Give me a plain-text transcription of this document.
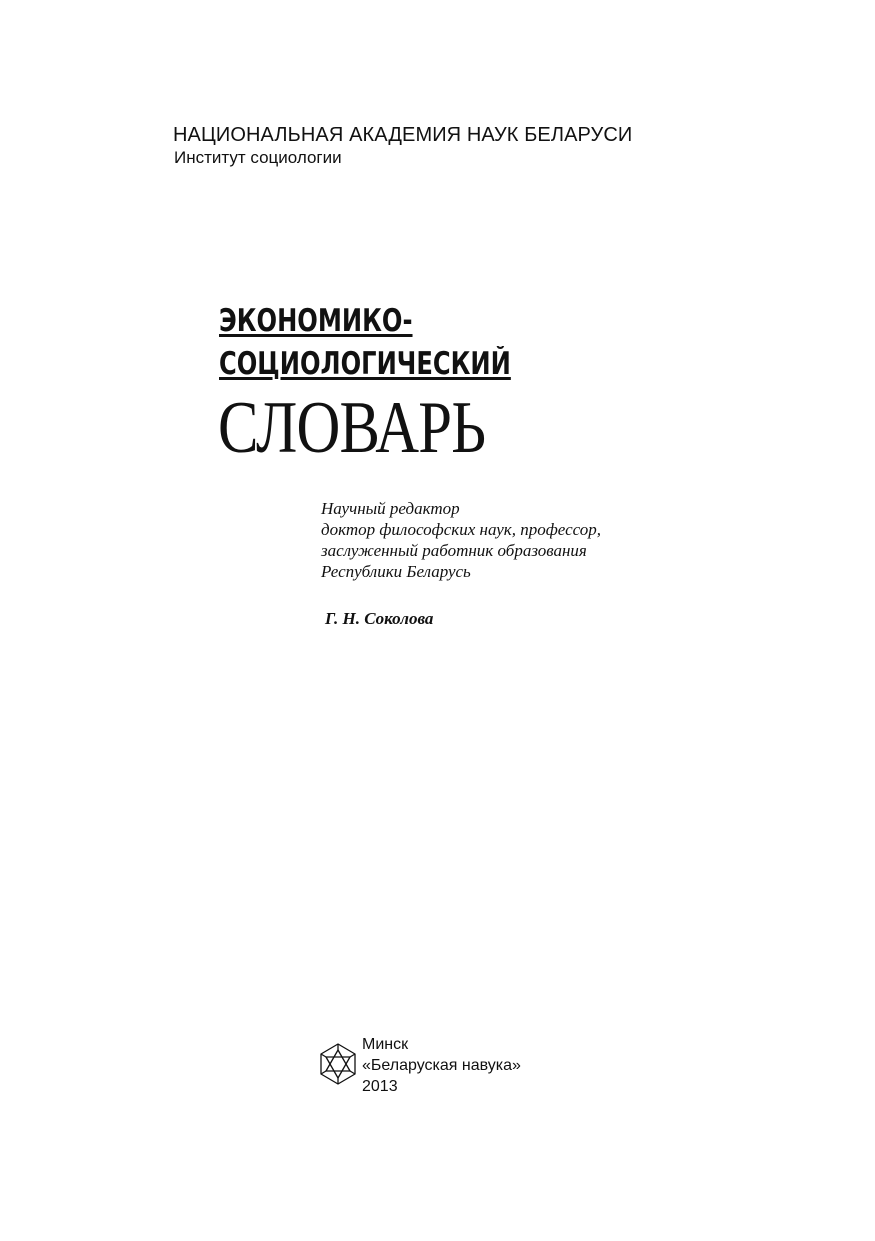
НАЦИОНАЛЬНАЯ АКАДЕМИЯ НАУК БЕЛАРУСИ
Институт социологии
ЭКОНОМИКО-
СОЦИОЛОГИЧЕСКИЙ
СЛОВАРЬ
Научный редактор
доктор философских наук, профессор,
заслуженный работник образования
Республики Беларусь
Г. Н. Соколова
Минск
«Беларуская навука»
2013
